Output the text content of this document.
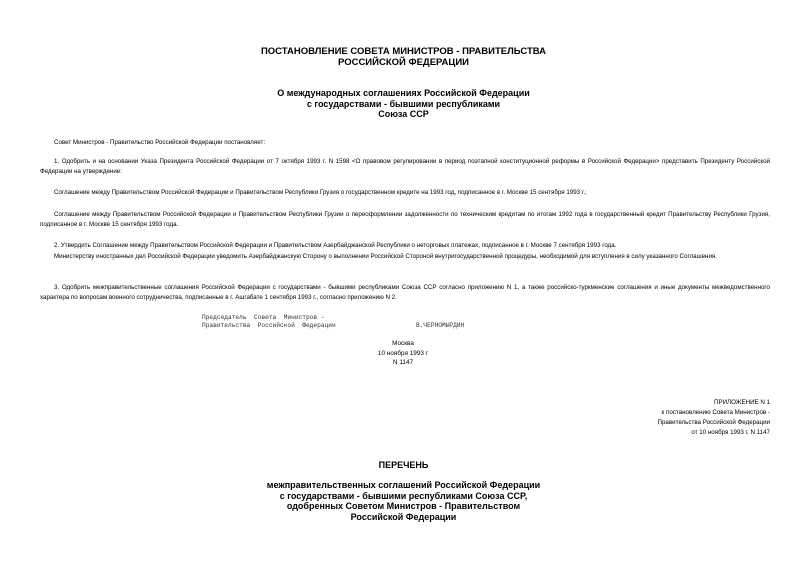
ПОСТАНОВЛЕНИЕ СОВЕТА МИНИСТРОВ - ПРАВИТЕЛЬСТВА
РОССИЙСКОЙ ФЕДЕРАЦИИ
О международных соглашениях Российской Федерации
с государствами - бывшими республиками
Союза ССР
Совет Министров - Правительство Российской Федерации постановляет:
1. Одобрить и на основании Указа Президента Российской Федерации от 7 октября 1993 г. N 1598 <О правовом регулировании в период поэтапной конституционной реформы в Российской Федерации> представить Президенту Российской Федерации на утверждение:
Соглашение между Правительством Российской Федерации и Правительством Республики Грузия о государственном кредите на 1993 год, подписанное в г. Москве 15 сентября 1993 г.;
Соглашение между Правительством Российской Федерации и Правительством Республики Грузии о переоформлении задолженности по техническим кредитам по итогам 1992 года в государственный кредит Правительству Республики Грузия, подписанное в г. Москве 15 сентября 1993 года.
2. Утвердить Соглашение между Правительством Российской Федерации и Правительством Азербайджанской Республики о неторговых платежах, подписанное в г. Москве 7 сентября 1993 года.
Министерству иностранных дел Российской Федерации уведомить Азербайджанскую Сторону о выполнении Российской Стороной внутригосударственной процедуры, необходимой для вступления в силу указанного Соглашения.
3. Одобрить межправительственные соглашения Российской Федерации с государствами - бывшими республиками Союза ССР согласно приложению N 1, а также российско-туркменские соглашения и иные документы межведомственного характера по вопросам военного сотрудничества, подписанные в г. Ашгабате 1 сентября 1993 г., согласно приложению N 2.
Председатель  Совета  Министров -
Правительства  Российской  Федерации	В.ЧЕРНОМЫРДИН
Москва
10 ноября 1993 г
N 1147
ПРИЛОЖЕНИЕ N 1
к постановлению Совета Министров -
Правительства Российской Федерации
от 10 ноября 1993 г. N 1147
ПЕРЕЧЕНЬ
межправительственных соглашений Российской Федерации
с государствами - бывшими республиками Союза ССР,
одобренных Советом Министров - Правительством
Российской Федерации
